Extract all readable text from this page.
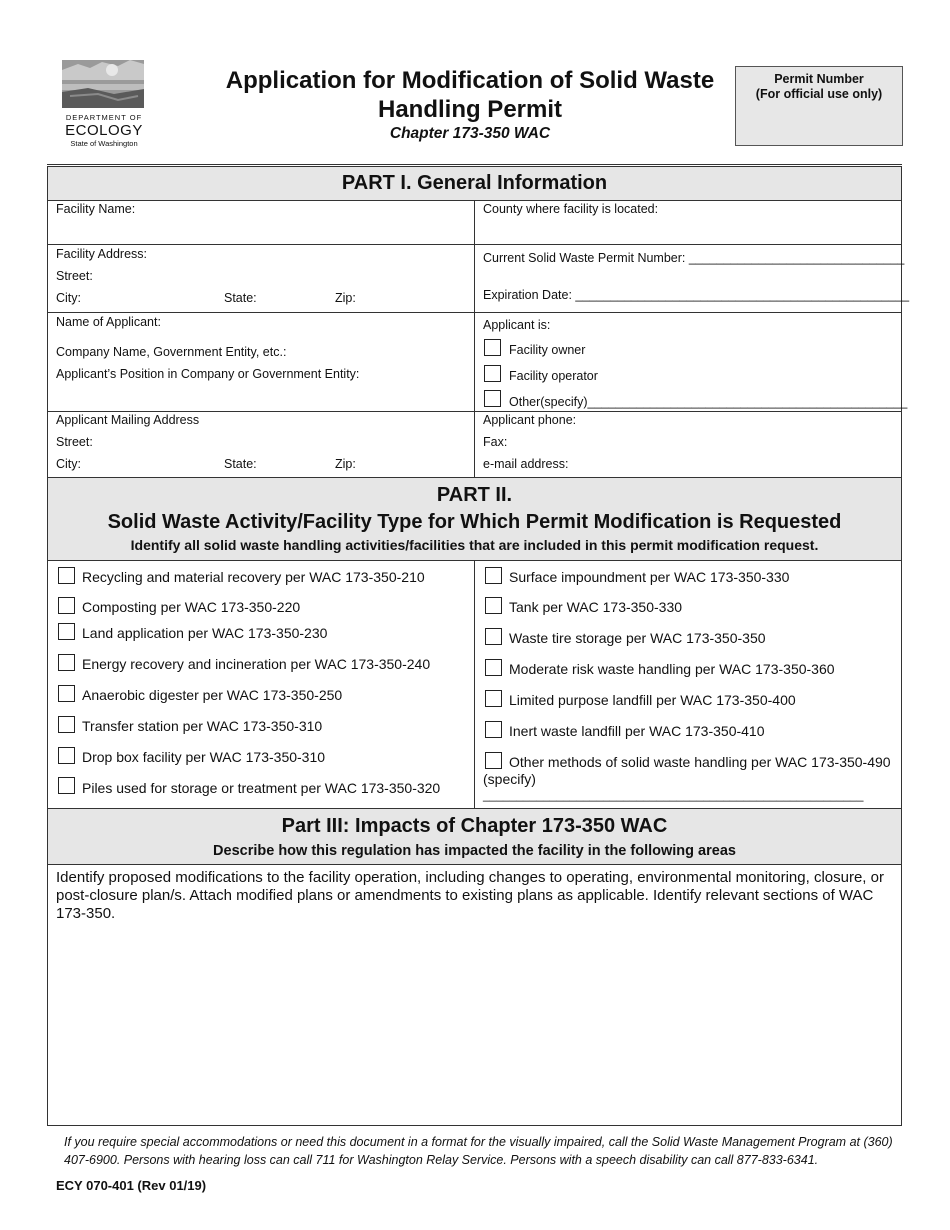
DEPARTMENT OF
ECOLOGY
State of Washington
Application for Modification of Solid Waste
Handling Permit
Chapter 173-350 WAC
Permit Number
(For official use only)
PART I. General Information
Facility Name:	County where facility is located:
Facility Address:
Street:
City:	State:	Zip:
Current Solid Waste Permit Number: _______________________________
Expiration Date: ________________________________________________
Name of Applicant:
Company Name, Government Entity, etc.:
Applicant’s Position in Company or Government Entity:
Applicant is:
Facility owner
Facility operator
Other(specify)______________________________________________
Applicant Mailing Address
Street:
City:	State:	Zip:
Applicant phone:
Fax:
e-mail address:
PART II.
Solid Waste Activity/Facility Type for Which Permit Modification is Requested
Identify all solid waste handling activities/facilities that are included in this permit modification request.
Recycling and material recovery per WAC 173-350-210
Composting per WAC 173-350-220
Land application per WAC 173-350-230
Energy recovery and incineration per WAC 173-350-240
Anaerobic digester per WAC 173-350-250
Transfer station per WAC 173-350-310
Drop box facility per WAC 173-350-310
Piles used for storage or treatment per WAC 173-350-320
Surface impoundment per WAC 173-350-330
Tank per WAC 173-350-330
Waste tire storage per WAC 173-350-350
Moderate risk waste handling per WAC 173-350-360
Limited purpose landfill per WAC 173-350-400
Inert waste landfill per WAC 173-350-410
Other methods of solid waste handling per WAC 173-350-490
(specify)
_________________________________________________________
Part III: Impacts of Chapter 173-350 WAC
Describe how this regulation has impacted the facility in the following areas
Identify proposed modifications to the facility operation, including changes to operating, environmental monitoring, closure, or post-closure plan/s. Attach modified plans or amendments to existing plans as applicable. Identify relevant sections of WAC 173-350.
If you require special accommodations or need this document in a format for the visually impaired, call the Solid Waste Management Program at (360) 407-6900. Persons with hearing loss can call 711 for Washington Relay Service. Persons with a speech disability can call 877-833-6341.
ECY 070-401 (Rev 01/19)
